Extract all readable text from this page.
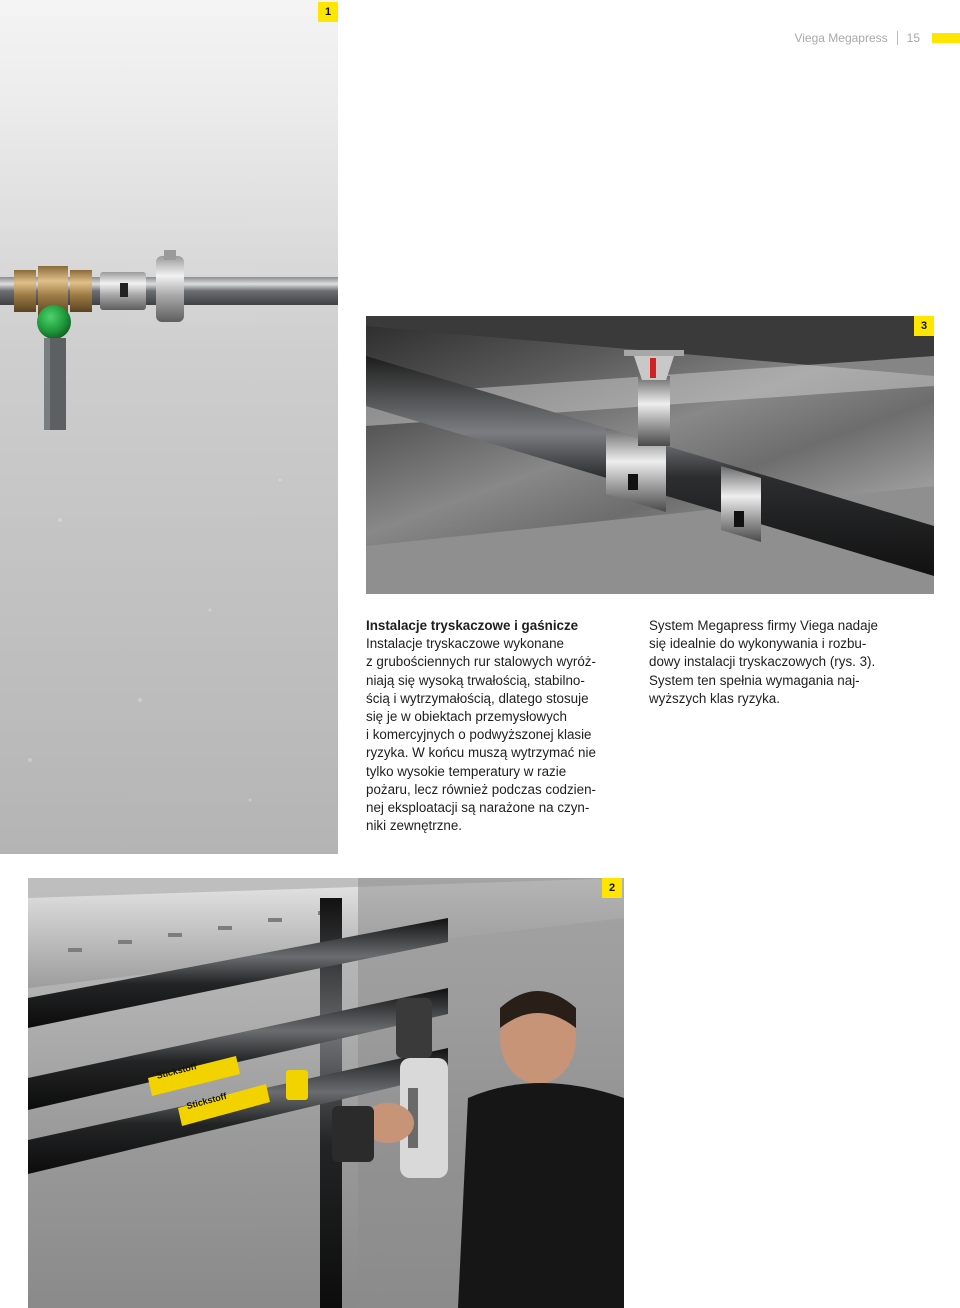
Viega Megapress 15
1
3
Instalacje tryskaczowe i gaśnicze

Instalacje tryskaczowe wykonane
z grubościennych rur stalowych wyróż-
niają się wysoką trwałością, stabilno-
ścią i wytrzymałością, dlatego stosuje
się je w obiektach przemysłowych
i komercyjnych o podwyższonej klasie
ryzyka. W końcu muszą wytrzymać nie
tylko wysokie temperatury w razie
pożaru, lecz również podczas codzien-
nej eksploatacji są narażone na czyn-
niki zewnętrzne.

System Megapress firmy Viega nadaje
się idealnie do wykonywania i rozbu-
dowy instalacji tryskaczowych (rys. 3).
System ten spełnia wymagania naj-
wyższych klas ryzyka.

2
Stickstoff
Stickstoff
